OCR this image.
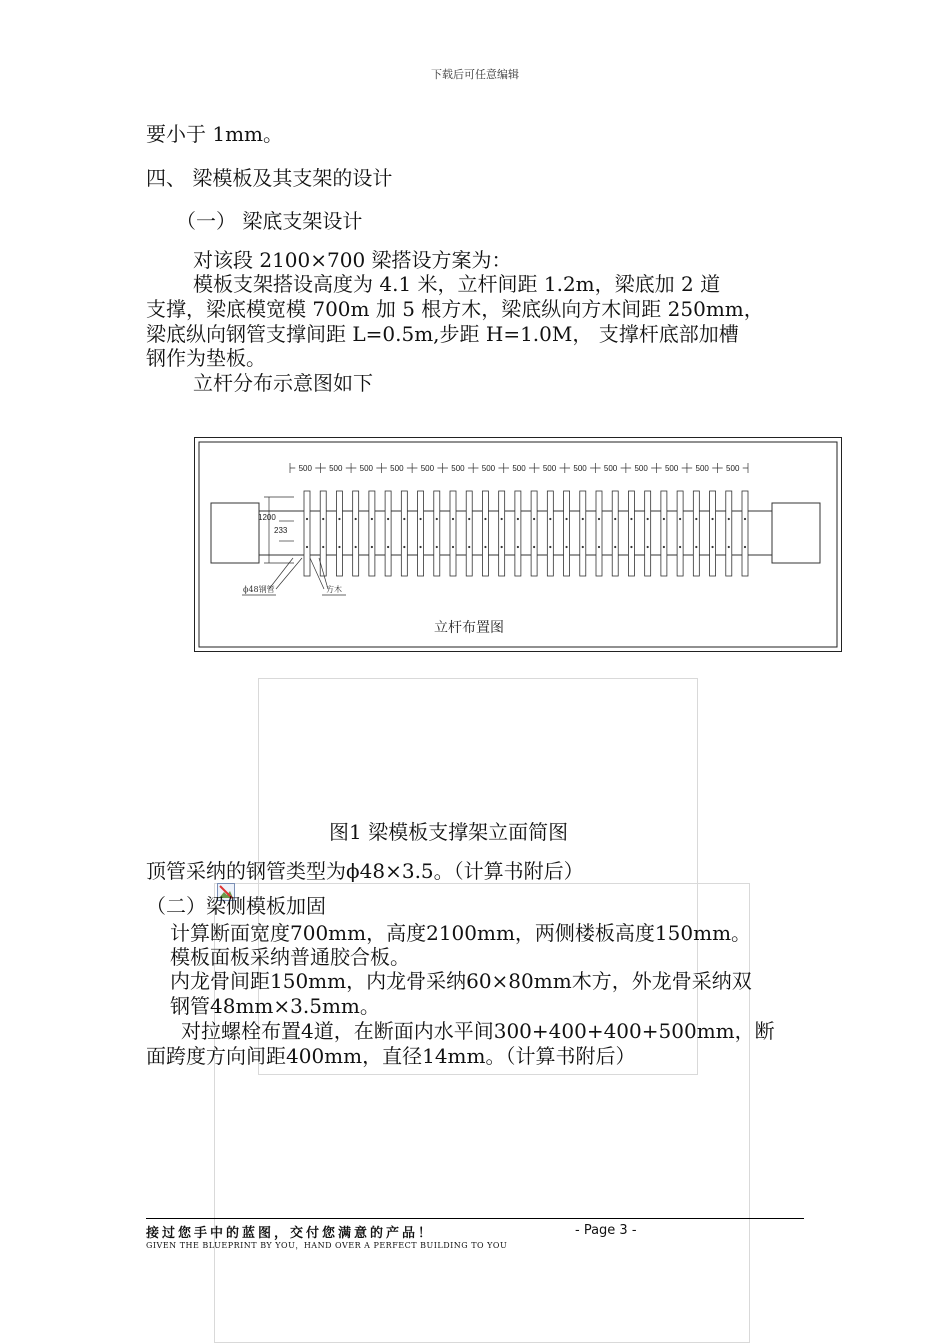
下载后可任意编辑
要小于 1mm。
四、 梁模板及其支架的设计
（一） 梁底支架设计
对该段 2100×700 梁搭设方案为：
模板支架搭设高度为 4.1 米，立杆间距 1.2m，梁底加 2 道
支撑，梁底模宽模 700m 加 5 根方木，梁底纵向方木间距 250mm，
梁底纵向钢管支撑间距 L=0.5m,步距 H=1.0M， 支撑杆底部加槽
钢作为垫板。
立杆分布示意图如下
500 500 500 500 500 500 500 500 500 500 500 500 500 500 500
1200
233
ϕ48钢管	方木
立杆布置图
图1 梁模板支撑架立面简图
顶管采纳的钢管类型为ϕ48×3.5。（计算书附后）
（二）梁侧模板加固
计算断面宽度700mm，高度2100mm，两侧楼板高度150mm。
模板面板采纳普通胶合板。
内龙骨间距150mm，内龙骨采纳60×80mm木方，外龙骨采纳双
钢管48mm×3.5mm。
对拉螺栓布置4道，在断面内水平间300+400+400+500mm，断
面跨度方向间距400mm，直径14mm。（计算书附后）
接过您手中的蓝图，交付您满意的产品！
GIVEN THE BLUEPRINT BY YOU，HAND OVER A PERFECT BUILDING TO YOU
- Page 3 -
